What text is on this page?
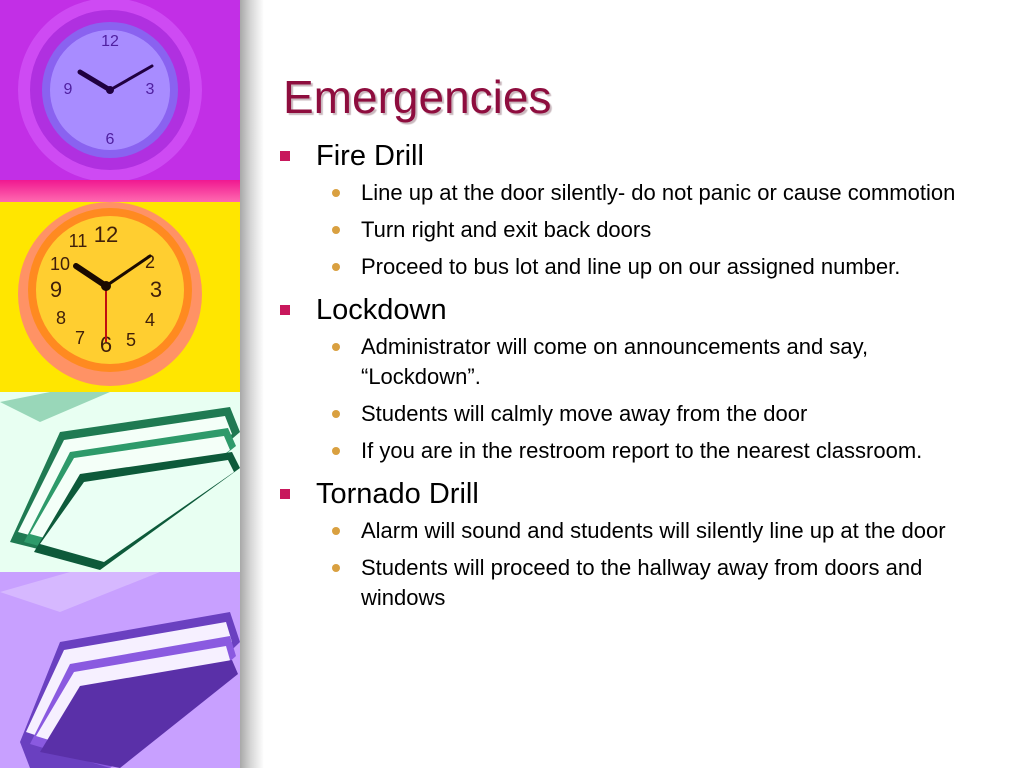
12
3
6
9
12
3
6
9
11
10	2
4
5
7
8
Emergencies
Fire Drill
Line up at the door silently- do not panic or cause commotion
Turn right and exit back doors
Proceed to bus lot and line up on our assigned number.
Lockdown
Administrator will come on announcements and say, “Lockdown”.
Students will calmly move away from the door
If you are in the restroom report to the nearest classroom.
Tornado Drill
Alarm will sound and students will silently line up at the door
Students will proceed to the hallway away from doors and windows
